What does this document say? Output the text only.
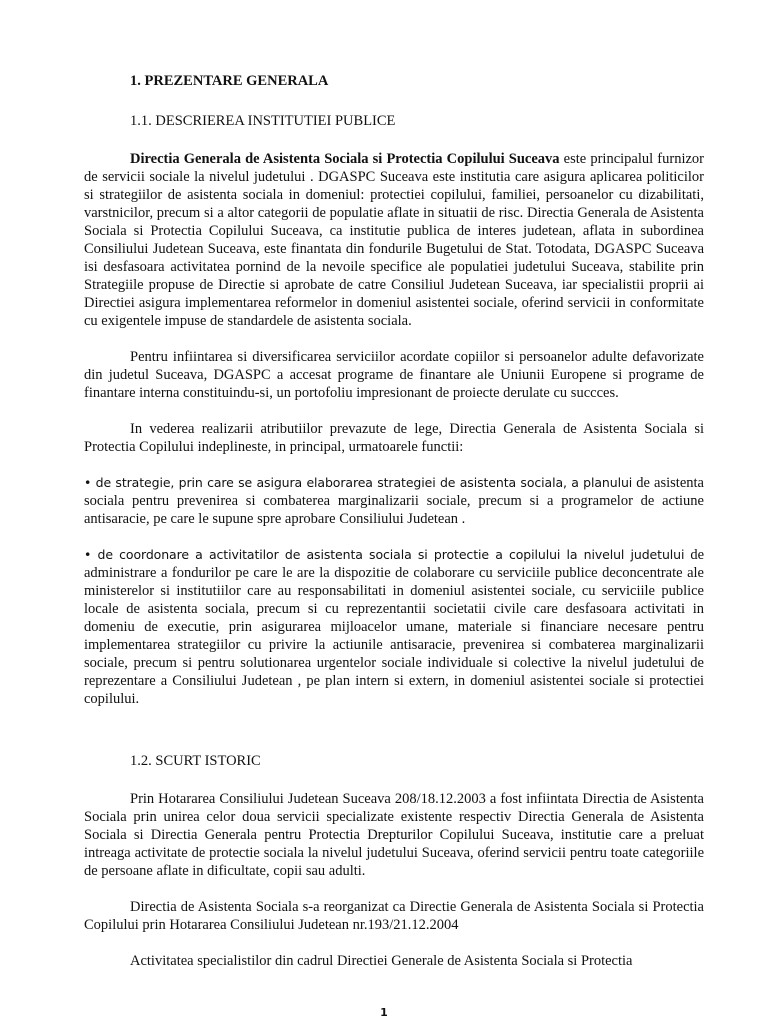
1. PREZENTARE GENERALA
1.1. DESCRIEREA INSTITUTIEI PUBLICE

Directia Generala de Asistenta Sociala si Protectia Copilului Suceava este principalul furnizor de servicii sociale la nivelul judetului . DGASPC Suceava este institutia care asigura aplicarea politicilor si strategiilor de asistenta sociala in domeniul: protectiei copilului, familiei, persoanelor cu dizabilitati, varstnicilor, precum si a altor categorii de populatie aflate in situatii de risc. Directia Generala de Asistenta Sociala si Protectia Copilului Suceava, ca institutie publica de interes judetean, aflata in subordinea Consiliului Judetean Suceava, este finantata din fondurile Bugetului de Stat. Totodata, DGASPC Suceava isi desfasoara activitatea pornind de la nevoile specifice ale populatiei judetului Suceava, stabilite prin Strategiile propuse de Directie si aprobate de catre Consiliul Judetean Suceava, iar specialistii proprii ai Directiei asigura implementarea reformelor in domeniul asistentei sociale, oferind servicii in conformitate cu exigentele impuse de standardele de asistenta sociala.

Pentru infiintarea si diversificarea serviciilor acordate copiilor si persoanelor adulte defavorizate din judetul Suceava, DGASPC a accesat programe de finantare ale Uniunii Europene si programe de finantare interna constituindu-si, un portofoliu impresionant de proiecte derulate cu succces.

In vederea realizarii atributiilor prevazute de lege, Directia Generala de Asistenta Sociala si Protectia Copilului indeplineste, in principal, urmatoarele functii:

• de strategie, prin care se asigura elaborarea strategiei de asistenta sociala, a planului de asistenta sociala pentru prevenirea si combaterea marginalizarii sociale, precum si a programelor de actiune antisaracie, pe care le supune spre aprobare Consiliului Judetean .

• de coordonare a activitatilor de asistenta sociala si protectie a copilului la nivelul judetului de administrare a fondurilor pe care le are la dispozitie de colaborare cu serviciile publice deconcentrate ale ministerelor si institutiilor care au responsabilitati in domeniul asistentei sociale, cu serviciile publice locale de asistenta sociala, precum si cu reprezentantii societatii civile care desfasoara activitati in domeniu de executie, prin asigurarea mijloacelor umane, materiale si financiare necesare pentru implementarea strategiilor cu privire la actiunile antisaracie, prevenirea si combaterea marginalizarii sociale, precum si pentru solutionarea urgentelor sociale individuale si colective la nivelul judetului de reprezentare a Consiliului Judetean , pe plan intern si extern, in domeniul asistentei sociale si protectiei copilului.

1.2. SCURT ISTORIC

Prin Hotararea Consiliului Judetean Suceava 208/18.12.2003 a fost infiintata Directia de Asistenta Sociala prin unirea celor doua servicii specializate existente respectiv Directia Generala de Asistenta Sociala si Directia Generala pentru Protectia Drepturilor Copilului Suceava, institutie care a preluat intreaga activitate de protectie sociala la nivelul judetului Suceava, oferind servicii pentru toate categoriile de persoane aflate in dificultate, copii sau adulti.

Directia de Asistenta Sociala s-a reorganizat ca Directie Generala de Asistenta Sociala si Protectia Copilului prin Hotararea Consiliului Judetean nr.193/21.12.2004

Activitatea specialistilor din cadrul Directiei Generale de Asistenta Sociala si Protectia

1
